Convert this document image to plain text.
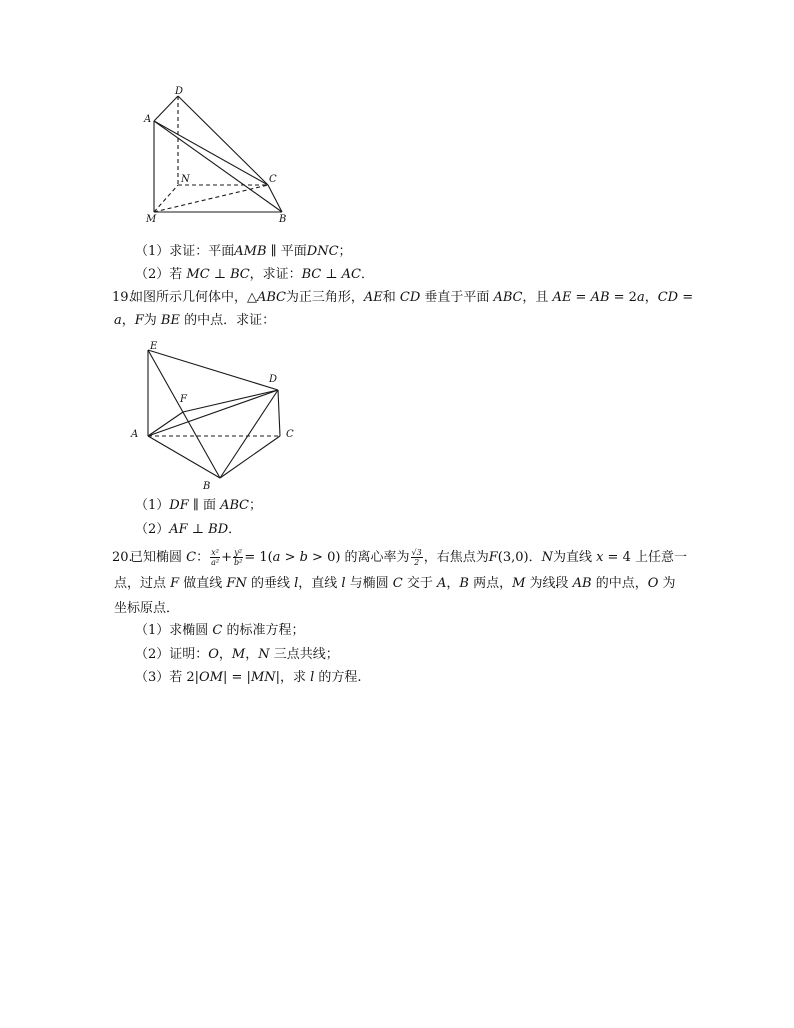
D
A
N	C
M	B
（1）求证：平面𝐴𝑀𝐵 ∥ 平面𝐷𝑁𝐶；
（2）若 𝑀𝐶 ⊥ 𝐵𝐶，求证：𝐵𝐶 ⊥ 𝐴𝐶．
19.
如图所示几何体中，△𝐴𝐵𝐶为正三角形，𝐴𝐸和 𝐶𝐷 垂直于平面 𝐴𝐵𝐶，且 𝐴𝐸 = 𝐴𝐵 = 2𝑎，𝐶𝐷 =
𝑎，𝐹为 𝐵𝐸 的中点．求证：
E
D
F
A	C
B
（1）𝐷𝐹 ∥ 面 𝐴𝐵𝐶；
（2）𝐴𝐹 ⊥ 𝐵𝐷．
20.
已知椭圆 𝐶： $\frac{\text{x²}}{\text{a²}} + \frac{\text{y²}}{\text{b²}}$ = 1(𝑎 > 𝑏 > 0) 的离心率为 $\frac{√3}{2}$ ，右焦点为𝐹(3,0)．𝑁为直线 𝑥 = 4 上任意一
点，过点 𝐹 做直线 𝐹𝑁 的垂线 𝑙，直线 𝑙 与椭圆 𝐶 交于 𝐴，𝐵 两点，𝑀 为线段 𝐴𝐵 的中点，𝑂 为
坐标原点．
（1）求椭圆 𝐶 的标准方程；
（2）证明：𝑂，𝑀，𝑁 三点共线；
（3）若 2|𝑂𝑀| = |𝑀𝑁|，求 𝑙 的方程.
